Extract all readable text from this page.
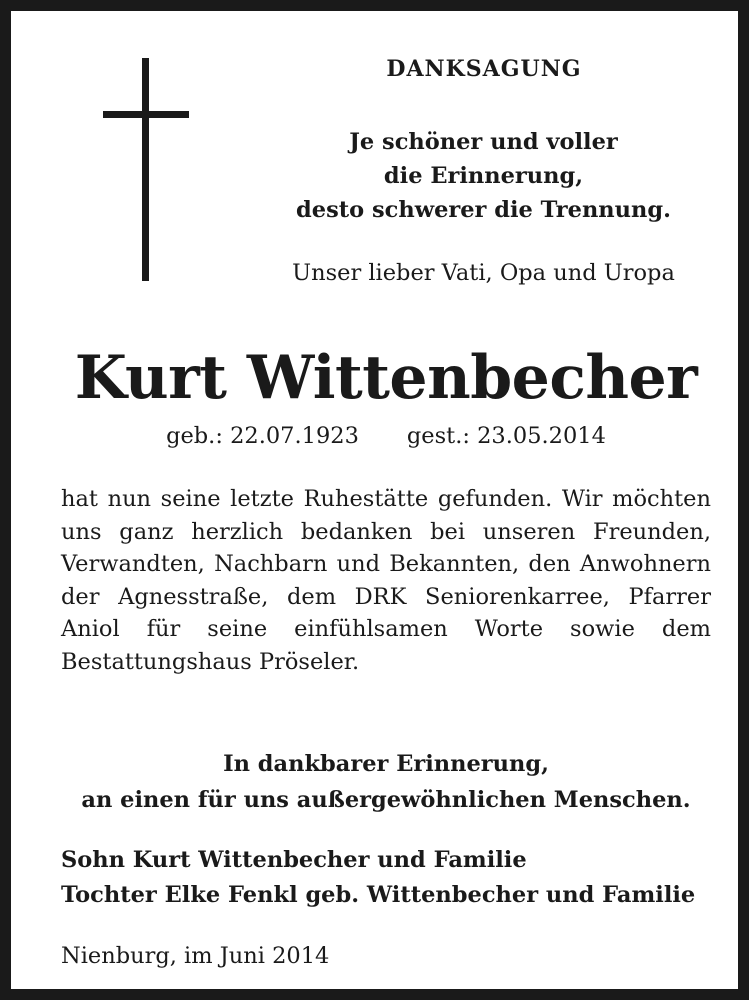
DANKSAGUNG
Je schöner und voller
die Erinnerung,
desto schwerer die Trennung.
Unser lieber Vati, Opa und Uropa
Kurt Wittenbecher
geb.: 22.07.1923 gest.: 23.05.2014
hat nun seine letzte Ruhestätte gefunden. Wir möchten uns ganz herzlich bedanken bei unseren Freunden, Verwandten, Nachbarn und Bekannten, den Anwohnern der Agnesstraße, dem DRK Seniorenkarree, Pfarrer Aniol für seine einfühlsamen Worte sowie dem Bestattungshaus Pröseler.
In dankbarer Erinnerung,
an einen für uns außergewöhnlichen Menschen.
Sohn Kurt Wittenbecher und Familie
Tochter Elke Fenkl geb. Wittenbecher und Familie
Nienburg, im Juni 2014
